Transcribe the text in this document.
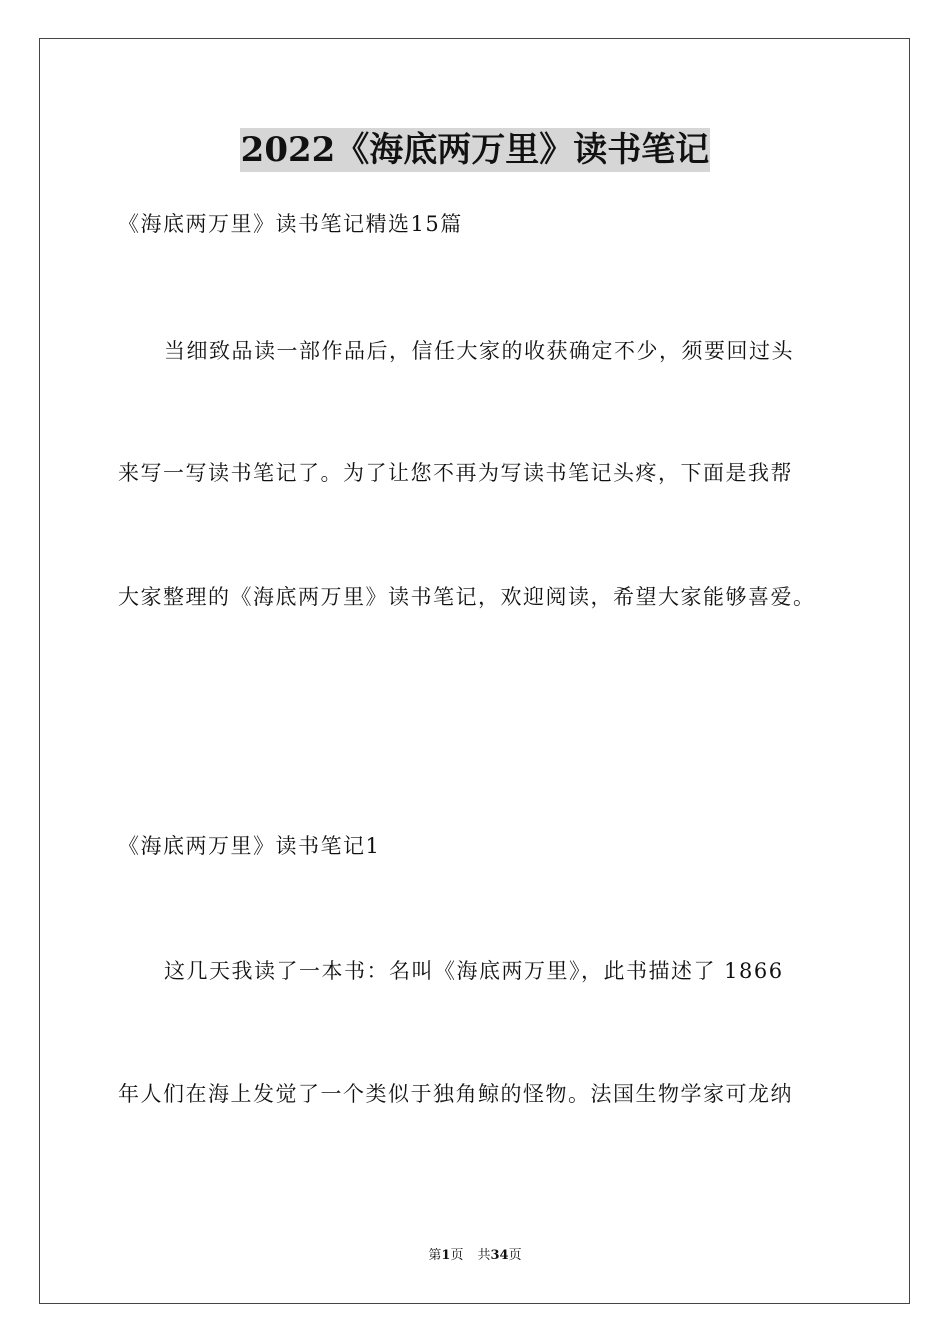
2022《海底两万里》读书笔记
《海底两万里》读书笔记精选15篇
当细致品读一部作品后，信任大家的收获确定不少，须要回过头
来写一写读书笔记了。为了让您不再为写读书笔记头疼，下面是我帮
大家整理的《海底两万里》读书笔记，欢迎阅读，希望大家能够喜爱。
《海底两万里》读书笔记1
这几天我读了一本书：名叫《海底两万里》，此书描述了 1866
年人们在海上发觉了一个类似于独角鲸的怪物。法国生物学家可龙纳
第1页 共34页
